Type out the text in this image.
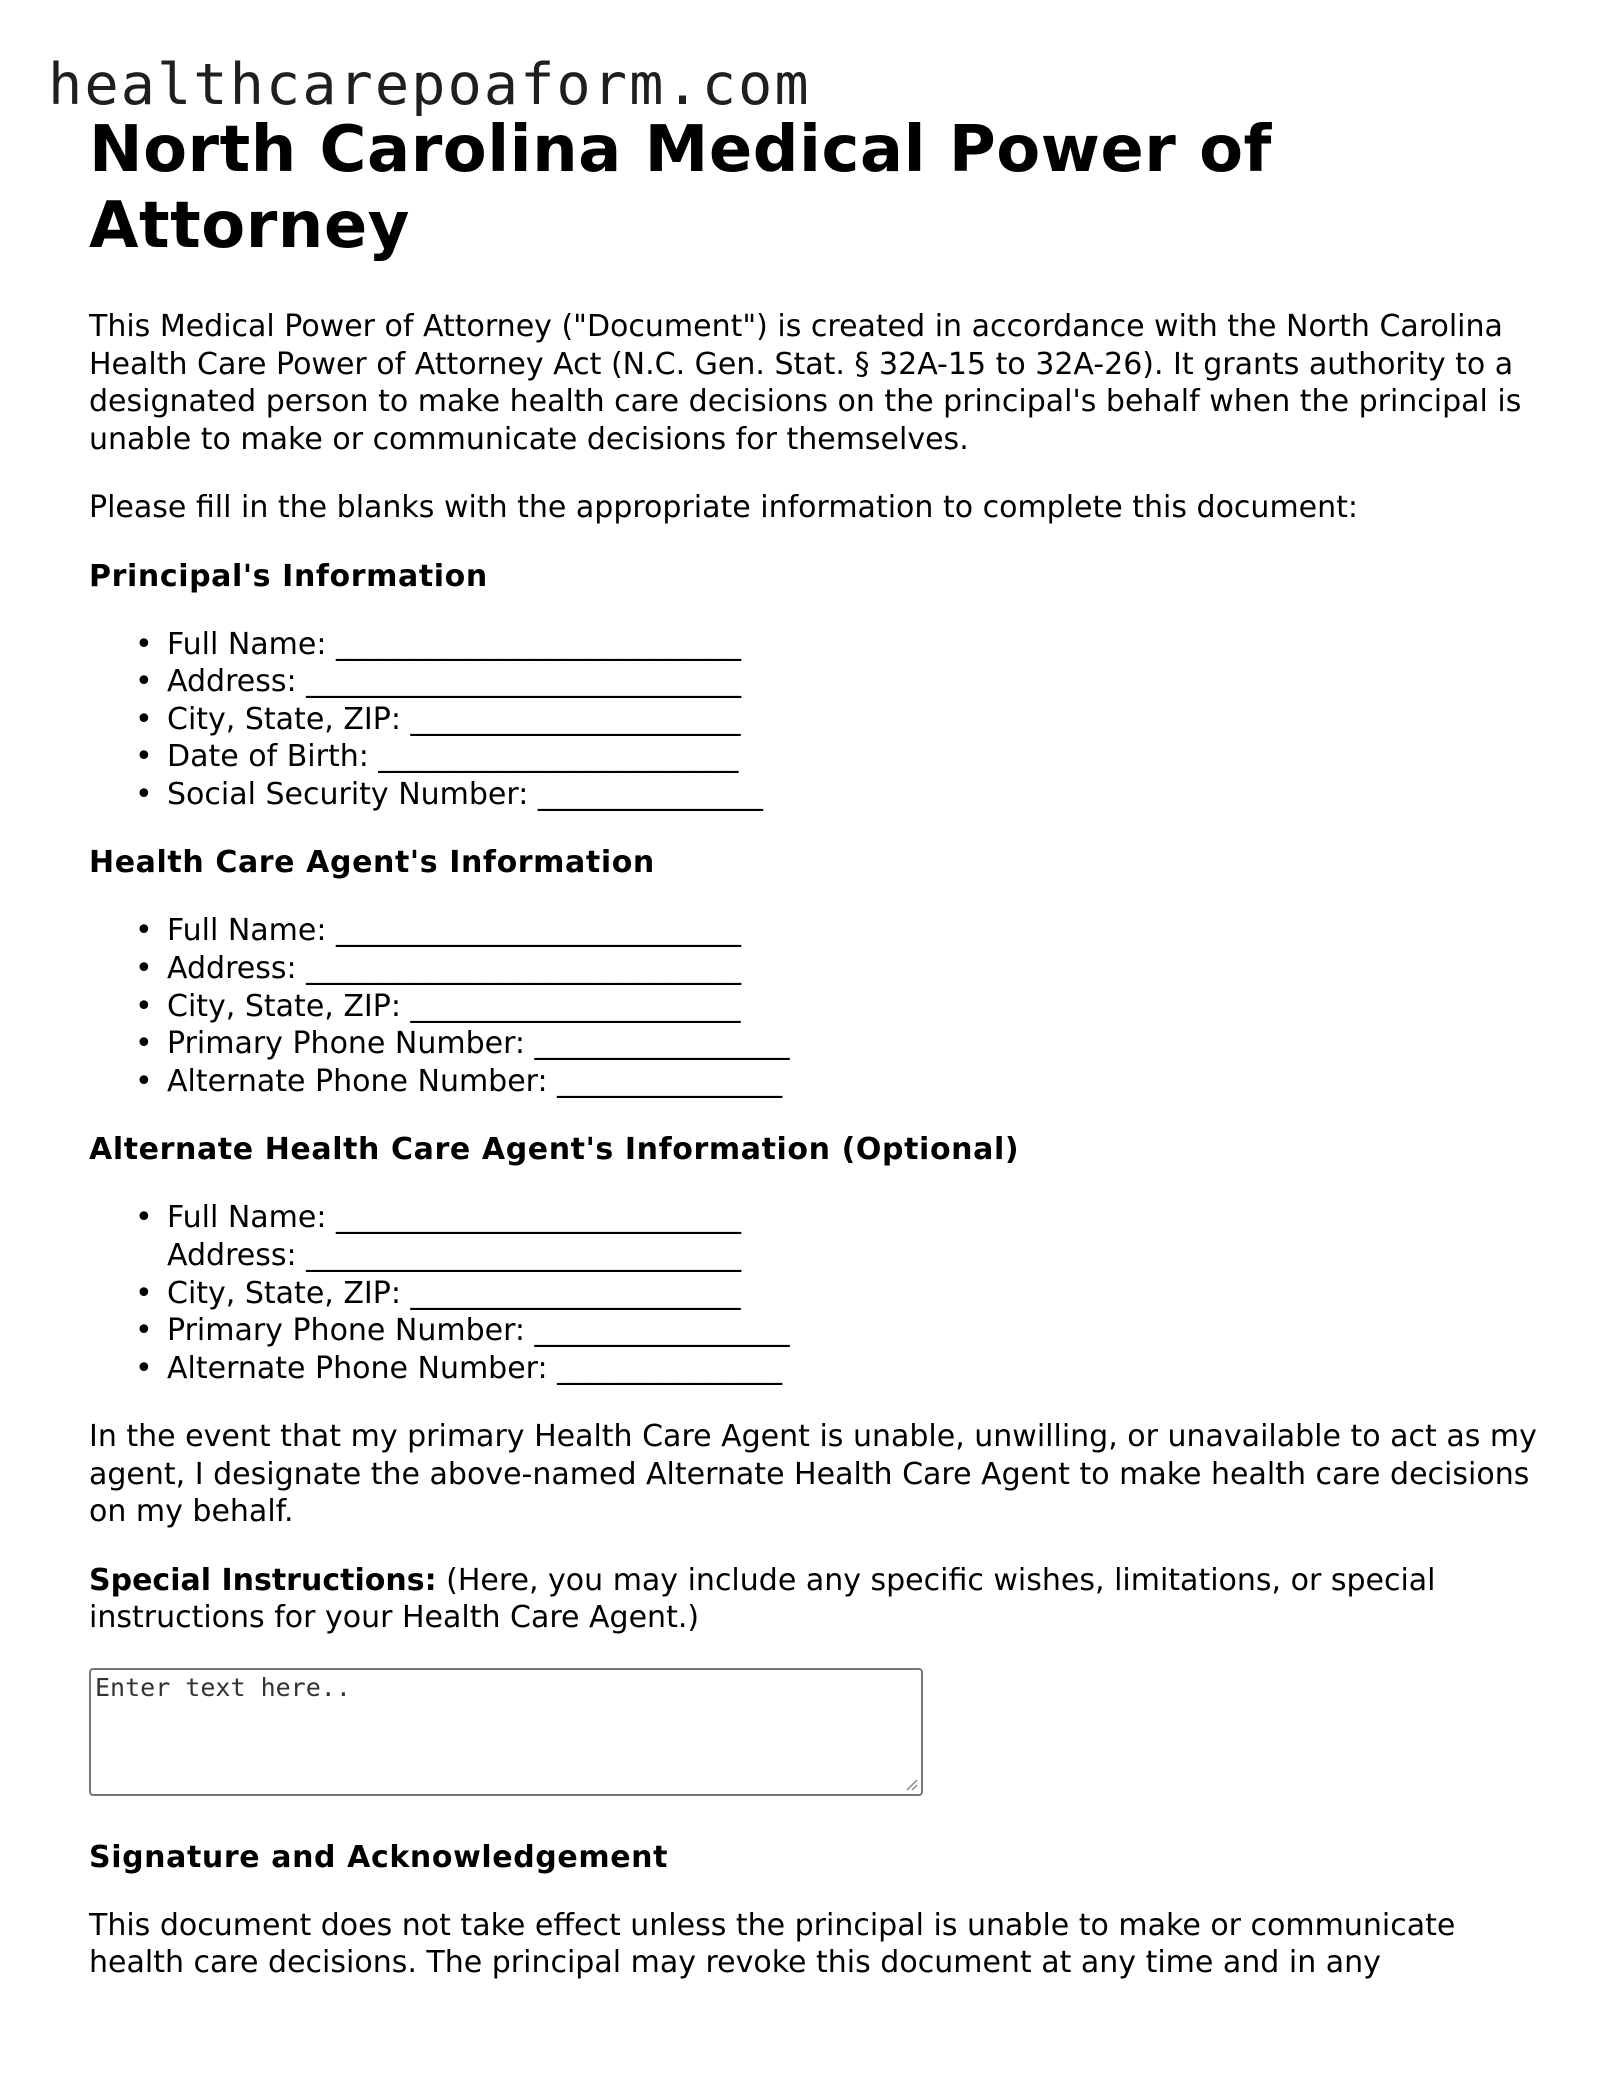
healthcarepoaform.com
North Carolina Medical Power of Attorney

This Medical Power of Attorney ("Document") is created in accordance with the North Carolina Health Care Power of Attorney Act (N.C. Gen. Stat. § 32A-15 to 32A-26). It grants authority to a designated person to make health care decisions on the principal's behalf when the principal is unable to make or communicate decisions for themselves.

Please fill in the blanks with the appropriate information to complete this document:

Principal's Information
• Full Name: ___________________________
• Address: _____________________________
• City, State, ZIP: ______________________
• Date of Birth: ________________________
• Social Security Number: _______________
Health Care Agent's Information
• Full Name: ___________________________
• Address: _____________________________
• City, State, ZIP: ______________________
• Primary Phone Number: _________________
• Alternate Phone Number: _______________
Alternate Health Care Agent's Information (Optional)
• Full Name: ___________________________
Address: _____________________________
• City, State, ZIP: ______________________
• Primary Phone Number: _________________
• Alternate Phone Number: _______________

In the event that my primary Health Care Agent is unable, unwilling, or unavailable to act as my agent, I designate the above-named Alternate Health Care Agent to make health care decisions on my behalf.

Special Instructions: (Here, you may include any specific wishes, limitations, or special instructions for your Health Care Agent.)

Enter text here..
Signature and Acknowledgement

This document does not take effect unless the principal is unable to make or communicate health care decisions. The principal may revoke this document at any time and in any
